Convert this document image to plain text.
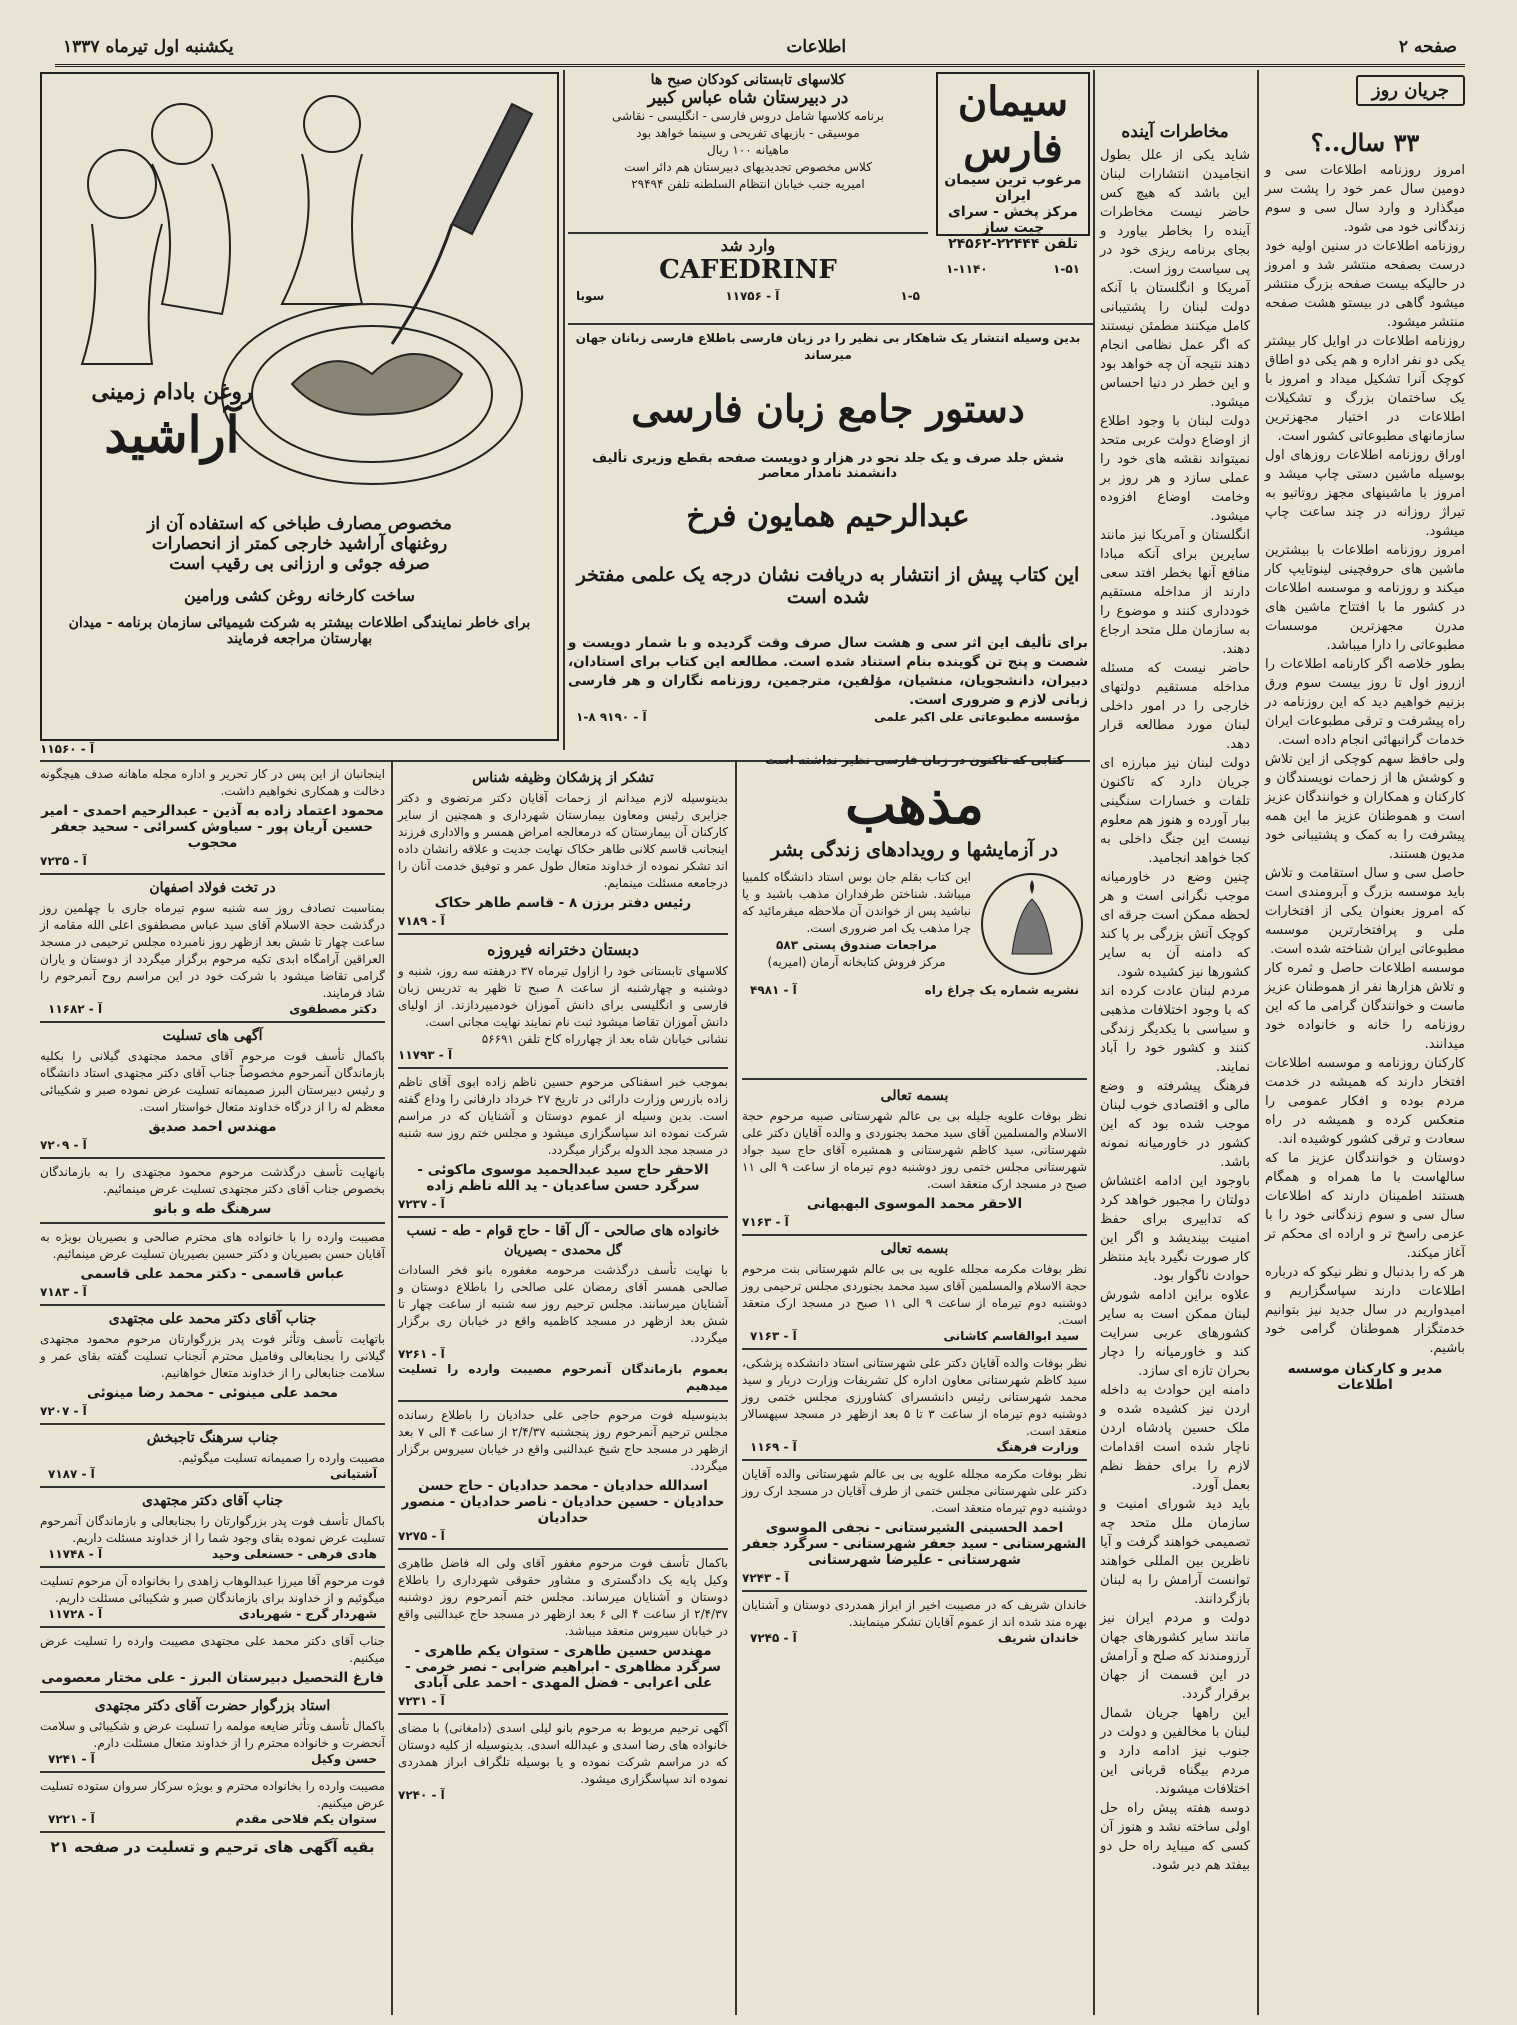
صفحه ۲
اطلاعات
یکشنبه اول تیرماه ۱۳۳۷
جریان روز
۳۳ سال..؟

امروز روزنامه اطلاعات سی و دومین سال عمر خود را پشت سر میگذارد و وارد سال سی و سوم زندگانی خود می شود.

روزنامه اطلاعات در سنین اولیه خود درست بصفحه منتشر شد و امروز در حالیکه بیست صفحه بزرگ منتشر میشود گاهی در بیستو هشت صفحه منتشر میشود.

روزنامه اطلاعات در اوایل کار بیشتر یکی دو نفر اداره و هم یکی دو اطاق کوچک آنرا تشکیل میداد و امروز با یک ساختمان بزرگ و تشکیلات اطلاعات در اختیار مجهزترین سازمانهای مطبوعاتی کشور است.

اوراق روزنامه اطلاعات روزهای اول بوسیله ماشین دستی چاپ میشد و امروز با ماشینهای مجهز روتاتیو به تیراژ روزانه در چند ساعت چاپ میشود.

امروز روزنامه اطلاعات با بیشترین ماشین های حروفچینی لینوتایپ کار میکند و روزنامه و موسسه اطلاعات در کشور ما با افتتاح ماشین های مدرن مجهزترین موسسات مطبوعاتی را دارا میباشد.

بطور خلاصه اگر کارنامه اطلاعات را ازروز اول تا روز بیست سوم ورق بزنیم خواهیم دید که این روزنامه در راه پیشرفت و ترقی مطبوعات ایران خدمات گرانبهائی انجام داده است.

ولی حافظ سهم کوچکی از این تلاش و کوشش ها از زحمات نویسندگان و کارکنان و همکاران و خوانندگان عزیز است و هموطنان عزیز ما این همه پیشرفت را به کمک و پشتیبانی خود مدیون هستند.

حاصل سی و سال استقامت و تلاش باید موسسه بزرگ و آبرومندی است که امروز بعنوان یکی از افتخارات ملی و پرافتخارترین موسسه مطبوعاتی ایران شناخته شده است.

موسسه اطلاعات حاصل و ثمره کار و تلاش هزارها نفر از هموطنان عزیز ماست و خوانندگان گرامی ما که این روزنامه را خانه و خانواده خود میدانند.

کارکنان روزنامه و موسسه اطلاعات افتخار دارند که همیشه در خدمت مردم بوده و افکار عمومی را منعکس کرده و همیشه در راه سعادت و ترقی کشور کوشیده اند.

دوستان و خوانندگان عزیز ما که سالهاست با ما همراه و همگام هستند اطمینان دارند که اطلاعات سال سی و سوم زندگانی خود را با عزمی راسخ تر و اراده ای محکم تر آغاز میکند.

هر که را بدنبال و نظر نیکو که درباره اطلاعات دارند سپاسگزاریم و امیدواریم در سال جدید نیز بتوانیم خدمتگزار هموطنان گرامی خود باشیم.

مدیر و کارکنان موسسه اطلاعات

مخاطرات آینده

شاید یکی از علل بطول انجامیدن انتشارات لبنان این باشد که هیچ کس حاضر نیست مخاطرات آینده را بخاطر بیاورد و بجای برنامه ریزی خود در پی سیاست روز است.

آمریکا و انگلستان با آنکه دولت لبنان را پشتیبانی کامل میکنند مطمئن نیستند که اگر عمل نظامی انجام دهند نتیجه آن چه خواهد بود و این خطر در دنیا احساس میشود.

دولت لبنان با وجود اطلاع از اوضاع دولت عربی متحد نمیتواند نقشه های خود را عملی سازد و هر روز بر وخامت اوضاع افزوده میشود.

انگلستان و آمریکا نیز مانند سایرین برای آنکه مبادا منافع آنها بخطر افتد سعی دارند از مداخله مستقیم خودداری کنند و موضوع را به سازمان ملل متحد ارجاع دهند.

حاضر نیست که مسئله مداخله مستقیم دولتهای خارجی را در امور داخلی لبنان مورد مطالعه قرار دهد.

دولت لبنان نیز مبارزه ای جریان دارد که تاکنون تلفات و خسارات سنگینی ببار آورده و هنوز هم معلوم نیست این جنگ داخلی به کجا خواهد انجامید.

چنین وضع در خاورمیانه موجب نگرانی است و هر لحظه ممکن است جرقه ای کوچک آتش بزرگی بر پا کند که دامنه آن به سایر کشورها نیز کشیده شود.

مردم لبنان عادت کرده اند که با وجود اختلافات مذهبی و سیاسی با یکدیگر زندگی کنند و کشور خود را آباد نمایند.

فرهنگ پیشرفته و وضع مالی و اقتصادی خوب لبنان موجب شده بود که این کشور در خاورمیانه نمونه باشد.

باوجود این ادامه اغتشاش دولتان را مجبور خواهد کرد که تدابیری برای حفظ امنیت بیندیشد و اگر این کار صورت نگیرد باید منتظر حوادث ناگوار بود.

علاوه براین ادامه شورش لبنان ممکن است به سایر کشورهای عربی سرایت کند و خاورمیانه را دچار بحران تازه ای سازد.

دامنه این حوادث به داخله اردن نیز کشیده شده و ملک حسین پادشاه اردن ناچار شده است اقدامات لازم را برای حفظ نظم بعمل آورد.

باید دید شورای امنیت و سازمان ملل متحد چه تصمیمی خواهند گرفت و آیا ناظرین بین المللی خواهند توانست آرامش را به لبنان بازگردانند.

دولت و مردم ایران نیز مانند سایر کشورهای جهان آرزومندند که صلح و آرامش در این قسمت از جهان برقرار گردد.

این راهها جریان شمال لبنان با مخالفین و دولت در جنوب نیز ادامه دارد و مردم بیگناه قربانی این اختلافات میشوند.

دوسه هفته پیش راه حل اولی ساخته نشد و هنوز آن کسی که میباید راه حل دو بیفتد هم دیر شود.

سیمان فارس
مرغوب ترین سیمان ایران
مرکز پخش - سرای چیت ساز
تلفن ۲۲۴۴۴-۲۴۵۶۲
۱-۱۱۴۰	۱-۵۱
کلاسهای تابستانی کودکان صبح ها
در دبیرستان شاه عباس کبیر
برنامه کلاسها شامل دروس فارسی - انگلیسی - نقاشی
موسیقی - بازیهای تفریحی و سینما خواهد بود
ماهیانه ۱۰۰ ریال
کلاس مخصوص تجدیدیهای دبیرستان هم دائر است
امیریه جنب خیابان انتظام السلطنه تلفن ۲۹۴۹۴
وارد شد
CAFEDRINF
سوبا	آ - ۱۱۷۵۶	۱-۵
بدین وسیله انتشار یک شاهکار بی نظیر را در زبان فارسی باطلاع فارسی زبانان جهان میرساند
دستور جامع زبان فارسی
شش جلد صرف و یک جلد نحو در هزار و دویست صفحه بقطع وزیری تألیف دانشمند نامدار معاصر
عبدالرحیم همایون فرخ
این کتاب پیش از انتشار به دریافت نشان درجه یک علمی مفتخر شده است

برای تألیف این اثر سی و هشت سال صرف وقت گردیده و با شمار دویست و شصت و پنج تن گوینده بنام استناد شده است. مطالعه این کتاب برای استادان، دبیران، دانشجویان، منشیان، مؤلفین، مترجمین، روزنامه نگاران و هر فارسی زبانی لازم و ضروری است.

آ - ۹۱۹۰ ۸-۱	مؤسسه مطبوعاتی علی اکبر علمی
روغن بادام زمینی
آراشید
مخصوص مصارف طباخی که استفاده آن از
روغنهای آراشید خارجی کمتر از انحصارات
صرفه جوئی و ارزانی بی رقیب است
ساخت کارخانه روغن کشی ورامین
برای خاطر نمایندگی اطلاعات بیشتر به شرکت شیمیائی سازمان برنامه - میدان بهارستان مراجعه فرمایند
آ - ۱۱۵۶۰

اینجانبان از این پس در کار تحریر و اداره مجله ماهانه صدف هیچگونه دخالت و همکاری نخواهیم داشت.

محمود اعتماد زاده به آذین - عبدالرحیم احمدی - امیر حسین آریان پور - سیاوش کسرائی - سحید جعفر محجوب

آ - ۷۲۳۵
در تخت فولاد اصفهان

بمناسبت تصادف روز سه شنبه سوم تیرماه جاری با چهلمین روز درگذشت حجة الاسلام آقای سید عباس مصطفوی اعلی الله مقامه از ساعت چهار تا شش بعد ازظهر روز نامبرده مجلس ترحیمی در مسجد العراقین آرامگاه ابدی تکیه مرحوم برگزار میگردد از دوستان و یاران گرامی تقاضا میشود با شرکت خود در این مراسم روح آنمرحوم را شاد فرمایند.

آ - ۱۱۶۸۲	دکتر مصطفوی
آگهی های تسلیت

باکمال تأسف فوت مرحوم آقای محمد مجتهدی گیلانی را بکلیه بازماندگان آنمرحوم مخصوصاً جناب آقای دکتر مجتهدی استاد دانشگاه و رئیس دبیرستان البرز صمیمانه تسلیت عرض نموده صبر و شکیبائی معظم له را از درگاه خداوند متعال خواستار است.

مهندس احمد صدیق

آ - ۷۲۰۹

بانهایت تأسف درگذشت مرحوم محمود مجتهدی را به بازماندگان بخصوص جناب آقای دکتر مجتهدی تسلیت عرض مینمائیم.

سرهنگ طه و بانو

مصیبت وارده را با خانواده های محترم صالحی و بصیریان بویژه به آقایان حسن بصیریان و دکتر حسین بصیریان تسلیت عرض مینمائیم.

عباس قاسمی - دکتر محمد علی قاسمی

آ - ۷۱۸۳
جناب آقای دکتر محمد علی مجتهدی

باتهایت تأسف وتأثر فوت پدر بزرگوارتان مرحوم محمود مجتهدی گیلانی را بجنابعالی وفامیل محترم آنجناب تسلیت گفته بقای عمر و سلامت جنابعالی را از خداوند متعال خواهانیم.

محمد علی مینوئی - محمد رضا مینوئی

آ - ۷۲۰۷
جناب سرهنگ تاجبخش

مصیبت وارده را صمیمانه تسلیت میگوئیم.

آ - ۷۱۸۷	آشتیانی
جناب آقای دکتر مجتهدی

باکمال تأسف فوت پدر بزرگوارتان را بجنابعالی و بازماندگان آنمرحوم تسلیت عرض نموده بقای وجود شما را از خداوند مسئلت داریم.

آ - ۱۱۷۴۸	هادی فرهی - حسنعلی وحید

فوت مرحوم آقا میرزا عبدالوهاب زاهدی را بخانواده آن مرحوم تسلیت میگوئیم و از خداوند برای بازماندگان صبر و شکیبائی مسئلت داریم.

آ - ۱۱۷۲۸	شهردار گرج - شهربادی

جناب آقای دکتر محمد علی مجتهدی مصیبت وارده را تسلیت عرض میکنیم.

فارغ التحصیل دبیرستان البرز - علی مختار معصومی

استاد بزرگوار حضرت آقای دکتر مجتهدی

باکمال تأسف وتأثر ضایعه مولمه را تسلیت عرض و شکیبائی و سلامت آنحضرت و خانواده محترم را از خداوند متعال مسئلت دارم.

آ - ۷۲۴۱	حسن وکیل

مصیبت وارده را بخانواده محترم و بویژه سرکار سروان ستوده تسلیت عرض میکنیم.

آ - ۷۲۲۱	ستوان یکم فلاحی مقدم
بقیه آگهی های ترحیم و تسلیت در صفحه ۲۱
تشکر از پزشکان وظیفه شناس

بدینوسیله لازم میدانم از زحمات آقایان دکتر مرتضوی و دکتر جزایری رئیس ومعاون بیمارستان شهرداری و همچنین از سایر کارکنان آن بیمارستان که درمعالجه امراض همسر و والاداری فرزند اینجانب قاسم کلانی طاهر حکاک نهایت جدیت و علاقه رانشان داده اند تشکر نموده از خداوند متعال طول عمر و توفیق خدمت آنان را درجامعه مسئلت مینمایم.

رئیس دفتر برزن ۸ - قاسم طاهر حکاک

آ - ۷۱۸۹
دبستان دخترانه فیروزه

کلاسهای تابستانی خود را ازاول تیرماه ۳۷ درهفته سه روز، شنبه و دوشنبه و چهارشنبه از ساعت ۸ صبح تا ظهر به تدریس زبان فارسی و انگلیسی برای دانش آموزان خودمیپردازند. از اولیای دانش آموزان تقاضا میشود ثبت نام نمایند نهایت مجانی است.

نشانی خیابان شاه بعد از چهارراه کاخ تلفن ۵۶۶۹۱

آ - ۱۱۷۹۳

بموجب خبر اسفناکی مرحوم حسین ناظم زاده ابوی آقای ناظم زاده بازرس وزارت دارائی در تاریخ ۲۷ خرداد دارفانی را وداع گفته است. بدین وسیله از عموم دوستان و آشنایان که در مراسم شرکت نموده اند سپاسگزاری میشود و مجلس ختم روز سه شنبه در مسجد مجد الدوله برگزار میگردد.

الاحقر حاج سید عبدالحمید موسوی ماکوئی - سرگرد حسن ساعدیان - ید الله ناظم زاده

آ - ۷۲۳۷
خانواده های صالحی - آل آقا - حاج قوام - طه - نسب
گل محمدی - بصیریان

با نهایت تأسف درگذشت مرحومه مغفوره بانو فخر السادات صالحی همسر آقای رمضان علی صالحی را باطلاع دوستان و آشنایان میرسانند. مجلس ترحیم روز سه شنبه از ساعت چهار تا شش بعد ازظهر در مسجد کاظمیه واقع در خیابان ری برگزار میگردد.

آ - ۷۲۶۱

بعموم بازماندگان آنمرحوم مصیبت وارده را تسلیت میدهیم

بدینوسیله فوت مرحوم حاجی علی حدادیان را باطلاع رسانده مجلس ترحیم آنمرحوم روز پنجشنبه ۲/۴/۳۷ از ساعت ۴ الی ۷ بعد ازظهر در مسجد حاج شیخ عبدالنبی واقع در خیابان سیروس برگزار میگردد.

اسدالله حدادیان - محمد حدادیان - حاج حسن حدادیان - حسین حدادیان - ناصر حدادیان - منصور حدادیان

آ - ۷۲۷۵

باکمال تأسف فوت مرحوم مغفور آقای ولی اله فاضل طاهری وکیل پایه یک دادگستری و مشاور حقوقی شهرداری را باطلاع دوستان و آشنایان میرساند. مجلس ختم آنمرحوم روز دوشنبه ۲/۴/۳۷ از ساعت ۴ الی ۶ بعد ازظهر در مسجد حاج عبدالنبی واقع در خیابان سیروس منعقد میباشد.

مهندس حسین طاهری - ستوان یکم طاهری - سرگرد مظاهری - ابراهیم ضرابی - نصر خرمی - علی اعرابی - فضل المهدی - احمد علی آبادی

آ - ۷۲۳۱

آگهی ترحیم مربوط به مرحوم بانو لیلی اسدی (دامغانی) با مضای خانواده های رضا اسدی و عبدالله اسدی. بدینوسیله از کلیه دوستان که در مراسم شرکت نموده و یا بوسیله تلگراف ابراز همدردی نموده اند سپاسگزاری میشود.

آ - ۷۲۴۰
کتابی که تاکنون در زبان فارسی نظیر نداشته است
مذهب
در آزمایشها و رویدادهای زندگی بشر

این کتاب بقلم جان بوس استاد دانشگاه کلمبیا میباشد. شناختن طرفداران مذهب باشید و یا نباشید پس از خواندن آن ملاحظه میفرمائید که چرا مذهب یک امر ضروری است.

مراجعات صندوق پستی ۵۸۳
مرکز فروش کتابخانه آرمان (امیریه)
آ - ۴۹۸۱	نشریه شماره یک چراغ راه
بسمه تعالی

نظر بوفات علویه جلیله بی بی عالم شهرستانی صبیه مرحوم حجة الاسلام والمسلمین آقای سید محمد بجنوردی و والده آقایان دکتر علی شهرستانی، سید کاظم شهرستانی و همشیره آقای حاج سید جواد شهرستانی مجلس ختمی روز دوشنبه دوم تیرماه از ساعت ۹ الی ۱۱ صبح در مسجد ارک منعقد است.

الاحقر محمد الموسوی البهبهانی

آ - ۷۱۶۳
بسمه تعالی

نظر بوفات مکرمه مجلله علویه بی بی عالم شهرستانی بنت مرحوم حجة الاسلام والمسلمین آقای سید محمد بجنوردی مجلس ترحیمی روز دوشنبه دوم تیرماه از ساعت ۹ الی ۱۱ صبح در مسجد ارک منعقد است.

آ - ۷۱۶۳	سید ابوالقاسم کاشانی

نظر بوفات والده آقایان دکتر علی شهرستانی استاد دانشکده پزشکی، سید کاظم شهرستانی معاون اداره کل تشریفات وزارت دربار و سید محمد شهرستانی رئیس دانشسرای کشاورزی مجلس ختمی روز دوشنبه دوم تیرماه از ساعت ۳ تا ۵ بعد ازظهر در مسجد سپهسالار منعقد است.

آ - ۱۱۶۹	وزارت فرهنگ

نظر بوفات مکرمه مجلله علویه بی بی عالم شهرستانی والده آقایان دکتر علی شهرستانی مجلس ختمی از طرف آقایان در مسجد ارک روز دوشنبه دوم تیرماه منعقد است.

احمد الحسینی الشیرستانی - نجفی الموسوی الشهرستانی - سید جعفر شهرستانی - سرگرد جعفر شهرستانی - علیرضا شهرستانی

آ - ۷۲۴۳

خاندان شریف که در مصیبت اخیر از ابراز همدردی دوستان و آشنایان بهره مند شده اند از عموم آقایان تشکر مینمایند.

آ - ۷۲۴۵	خاندان شریف
